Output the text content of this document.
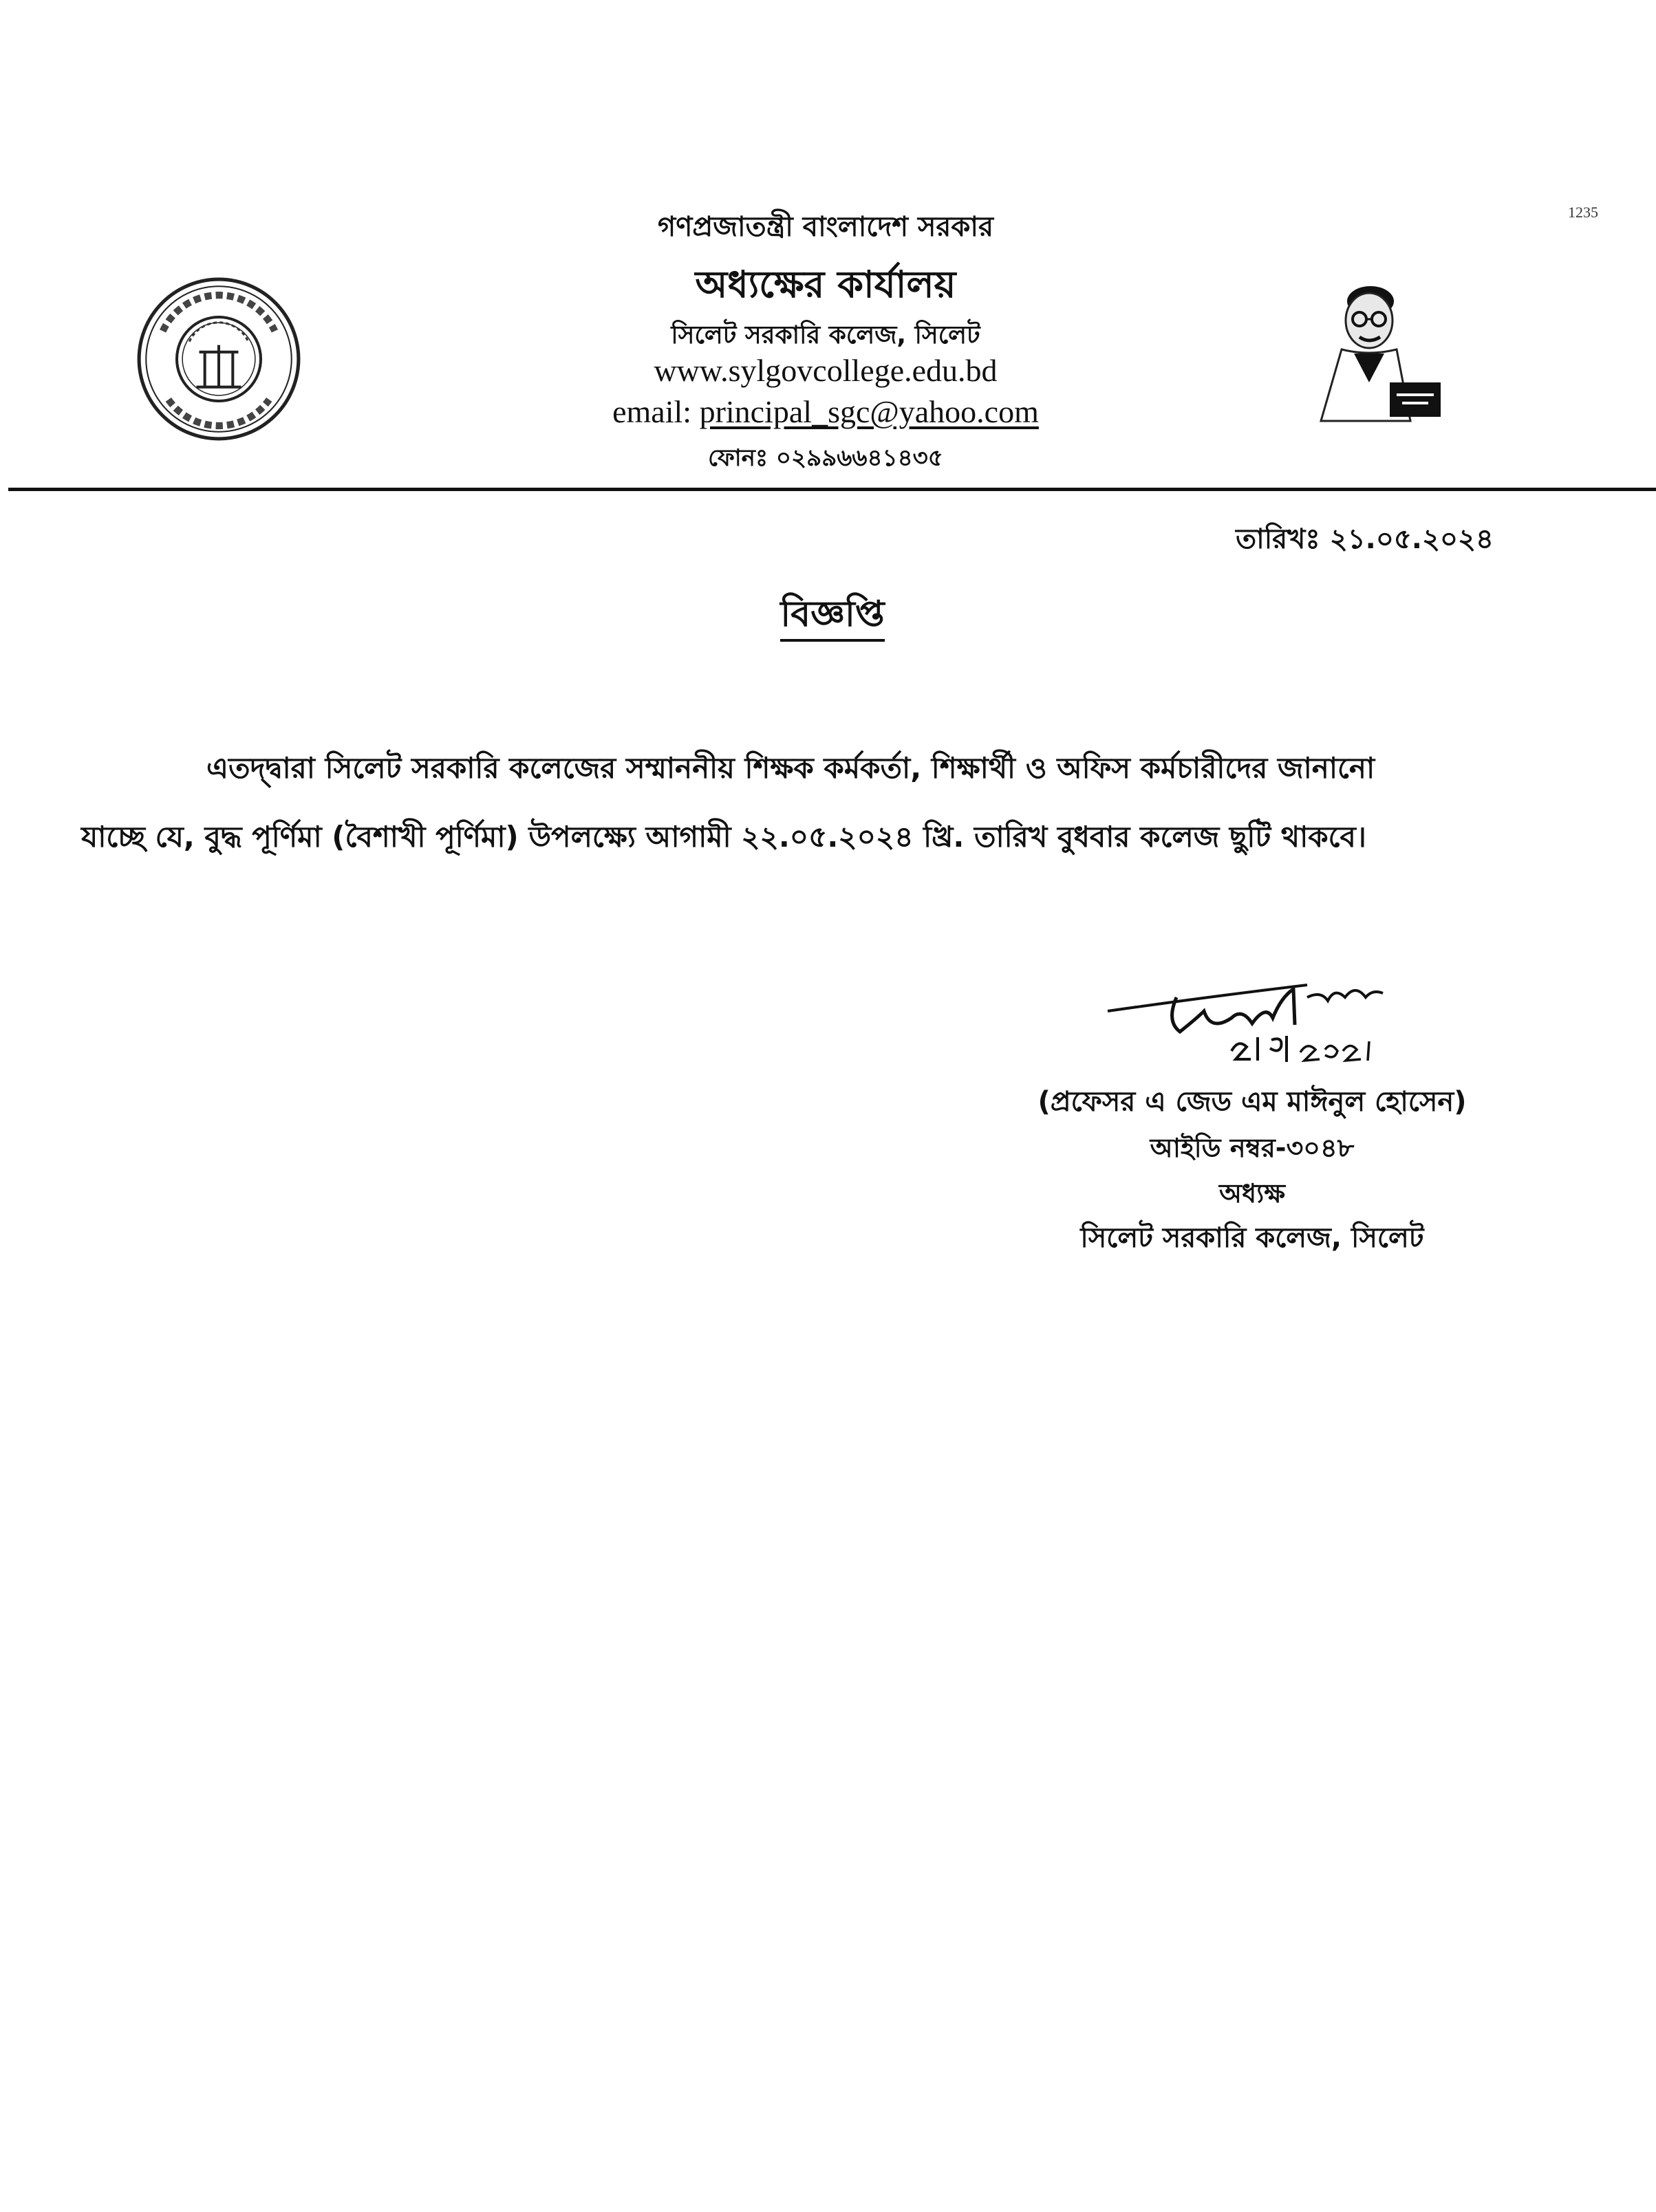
1235
গণপ্রজাতন্ত্রী বাংলাদেশ সরকার
অধ্যক্ষের কার্যালয়
সিলেট সরকারি কলেজ, সিলেট
www.sylgovcollege.edu.bd
email: principal_sgc@yahoo.com
ফোনঃ ০২৯৯৬৬৪১৪৩৫
তারিখঃ ২১.০৫.২০২৪
বিজ্ঞপ্তি
এতদ্দ্বারা সিলেট সরকারি কলেজের সম্মাননীয় শিক্ষক কর্মকর্তা, শিক্ষার্থী ও অফিস কর্মচারীদের জানানো
যাচ্ছে যে, বুদ্ধ পূর্ণিমা (বৈশাখী পূর্ণিমা) উপলক্ষ্যে আগামী ২২.০৫.২০২৪ খ্রি. তারিখ বুধবার কলেজ ছুটি থাকবে।
(প্রফেসর এ জেড এম মাঈনুল হোসেন)
আইডি নম্বর-৩০৪৮
অধ্যক্ষ
সিলেট সরকারি কলেজ, সিলেট
